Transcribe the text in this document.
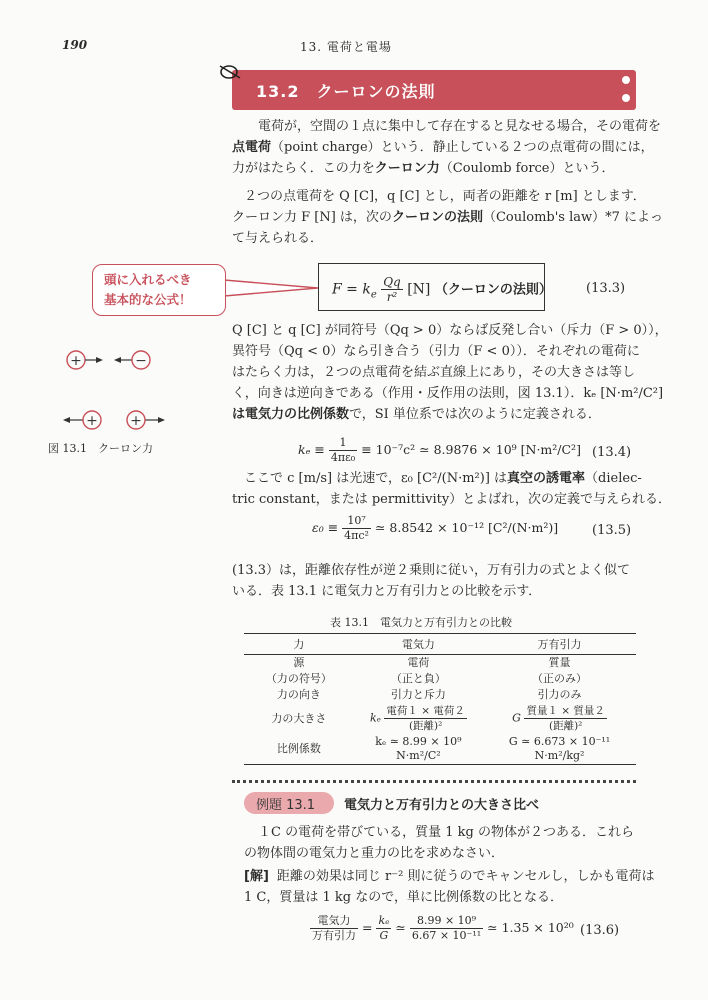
190	13. 電荷と電場
13.2　クーロンの法則
電荷が，空間の１点に集中して存在すると見なせる場合，その電荷を
点電荷（point charge）という．静止している２つの点電荷の間には，
力がはたらく．この力をクーロン力（Coulomb force）という．
２つの点電荷を Q [C]，q [C] とし，両者の距離を r [m] とします．
クーロン力 F [N] は，次のクーロンの法則（Coulomb's law）*7 によっ
て与えられる．
頭に入れるべき
基本的な公式！
$F = k_e \frac{Qq}{\text{r²}} [N]$ （クーロンの法則）	(13.3)
Q [C] と q [C] が同符号（Qq > 0）ならば反発し合い（斥力（F > 0）），
異符号（Qq < 0）なら引き合う（引力（F < 0））．それぞれの電荷に
はたらく力は，２つの点電荷を結ぶ直線上にあり，その大きさは等し
く，向きは逆向きである（作用・反作用の法則，図 13.1）．kₑ [N·m²/C²]
は電気力の比例係数で，SI 単位系では次のように定義される．
+	−
+ +
図 13.1　クーロン力	$k_e \equiv \frac{1}{\text{4πε₀}} \equiv 10^{-7}c^2$ ≃ 8.9876 × 10⁹ [N·m²/C²] (13.4)
ここで c [m/s] は光速で，ε₀ [C²/(N·m²)] は真空の誘電率（dielec-
tric constant，または permittivity）とよばれ，次の定義で与えられる．
$\varepsilon_0 \equiv \frac{\text{10⁷}}{\text{4πc²}}$ ≃ 8.8542 × 10⁻¹² [C²/(N·m²)]	(13.5)
(13.3）は，距離依存性が逆２乗則に従い，万有引力の式とよく似て
いる．表 13.1 に電気力と万有引力との比較を示す．
表 13.1　電気力と万有引力との比較
力	電気力	万有引力
源	電荷	質量
（力の符号）	（正と負）	（正のみ）
力の向き	引力と斥力	引力のみ
力の大きさ	kₑ $\frac{\text{電荷１ × 電荷２}}{\text{(距離)²}}$	G $\frac{\text{質量１ × 質量２}}{\text{(距離)²}}$

比例係数	kₑ ≃ 8.99 × 10⁹ N·m²/C²	G ≃ 6.673 × 10⁻¹¹ N·m²/kg²
例題 13.1 電気力と万有引力との大きさ比べ
１C の電荷を帯びている，質量 1 kg の物体が２つある．これら
の物体間の電気力と重力の比を求めなさい．
[解] 距離の効果は同じ r⁻² 則に従うのでキャンセルし，しかも電荷は
1 C，質量は 1 kg なので，単に比例係数の比となる．
$\frac{\text{電気力}}{\text{万有引力}} = \frac{\text{kₑ}}{G}$ ≃ $\frac{\text{8.99 × 10⁹}}{\text{6.67 × 10⁻¹¹}}$ ≃ 1.35 × 10²⁰ (13.6)
